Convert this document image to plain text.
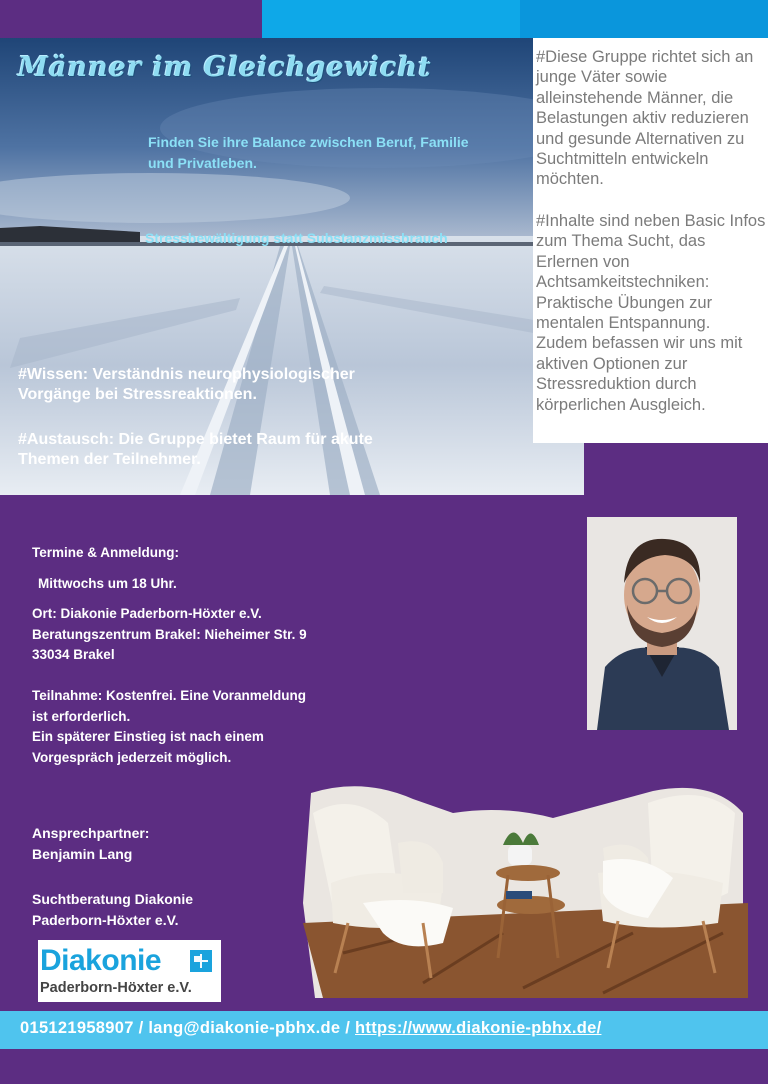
Männer im Gleichgewicht
Finden Sie ihre Balance zwischen Beruf, Familie und Privatleben.
Stressbewältigung statt Substanzmissbrauch
#Wissen: Verständnis neurophysiologischer Vorgänge bei Stressreaktionen.
#Austausch: Die Gruppe bietet Raum für akute Themen der Teilnehmer.
#Diese Gruppe richtet sich an junge Väter sowie alleinstehende Männer, die Belastungen aktiv reduzieren und gesunde Alternativen zu Suchtmitteln entwickeln möchten.
#Inhalte sind neben Basic Infos zum Thema Sucht, das Erlernen von Achtsamkeitstechniken: Praktische Übungen zur mentalen Entspannung. Zudem befassen wir uns mit aktiven Optionen zur Stressreduktion durch körperlichen Ausgleich.
Termine & Anmeldung:
Mittwochs um 18 Uhr.
Ort: Diakonie Paderborn-Höxter e.V.
Beratungszentrum Brakel: Nieheimer Str. 9
33034 Brakel
Teilnahme: Kostenfrei. Eine Voranmeldung
ist erforderlich.
Ein späterer Einstieg ist nach einem
Vorgespräch jederzeit möglich.
Ansprechpartner:
Benjamin Lang
Suchtberatung Diakonie
Paderborn-Höxter e.V.
Diakonie
Paderborn-Höxter e.V.
015121958907 / lang@diakonie-pbhx.de / https://www.diakonie-pbhx.de/
